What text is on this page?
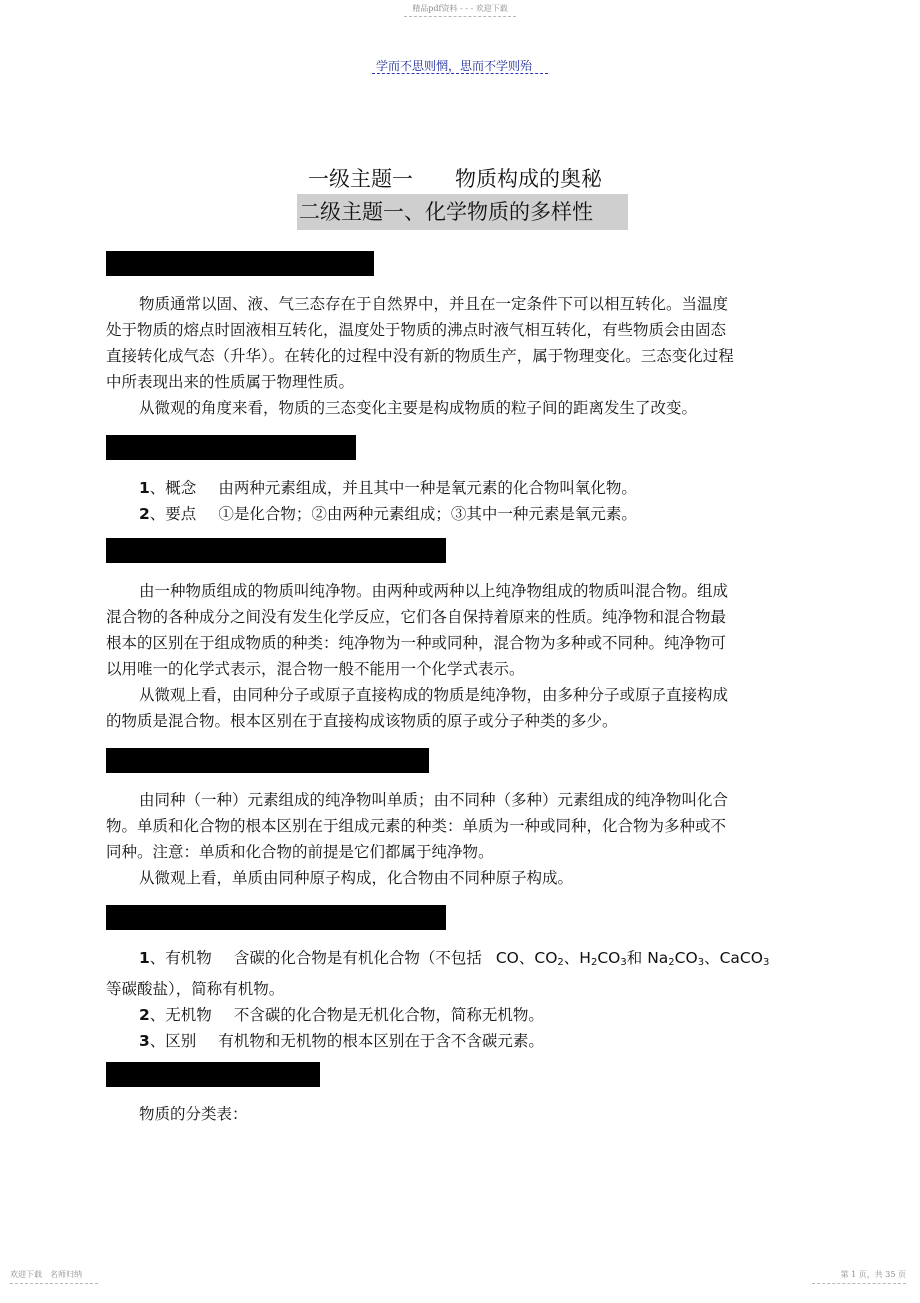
精品pdf资料 - - - 欢迎下载
学而不思则惘，思而不学则殆
一级主题一　　物质构成的奥秘
二级主题一、化学物质的多样性
物质通常以固、液、气三态存在于自然界中，并且在一定条件下可以相互转化。当温度
处于物质的熔点时固液相互转化，温度处于物质的沸点时液气相互转化，有些物质会由固态
直接转化成气态（升华）。在转化的过程中没有新的物质生产，属于物理变化。三态变化过程
中所表现出来的性质属于物理性质。
从微观的角度来看，物质的三态变化主要是构成物质的粒子间的距离发生了改变。
1、概念 由两种元素组成，并且其中一种是氧元素的化合物叫氧化物。
2、要点 ①是化合物；②由两种元素组成；③其中一种元素是氧元素。
由一种物质组成的物质叫纯净物。由两种或两种以上纯净物组成的物质叫混合物。组成
混合物的各种成分之间没有发生化学反应，它们各自保持着原来的性质。纯净物和混合物最
根本的区别在于组成物质的种类：纯净物为一种或同种，混合物为多种或不同种。纯净物可
以用唯一的化学式表示，混合物一般不能用一个化学式表示。
从微观上看，由同种分子或原子直接构成的物质是纯净物，由多种分子或原子直接构成
的物质是混合物。根本区别在于直接构成该物质的原子或分子种类的多少。
由同种（一种）元素组成的纯净物叫单质；由不同种（多种）元素组成的纯净物叫化合
物。单质和化合物的根本区别在于组成元素的种类：单质为一种或同种，化合物为多种或不
同种。注意：单质和化合物的前提是它们都属于纯净物。
从微观上看，单质由同种原子构成，化合物由不同种原子构成。
1、有机物 含碳的化合物是有机化合物（不包括 CO、$CO_2$、$H_2CO_3$和 $Na_2CO_3$、CaCO$_3$
等碳酸盐），简称有机物。
2、无机物 不含碳的化合物是无机化合物，简称无机物。
3、区别 有机物和无机物的根本区别在于含不含碳元素。
物质的分类表：
欢迎下载　名师归纳	第 1 页，共 35 页
